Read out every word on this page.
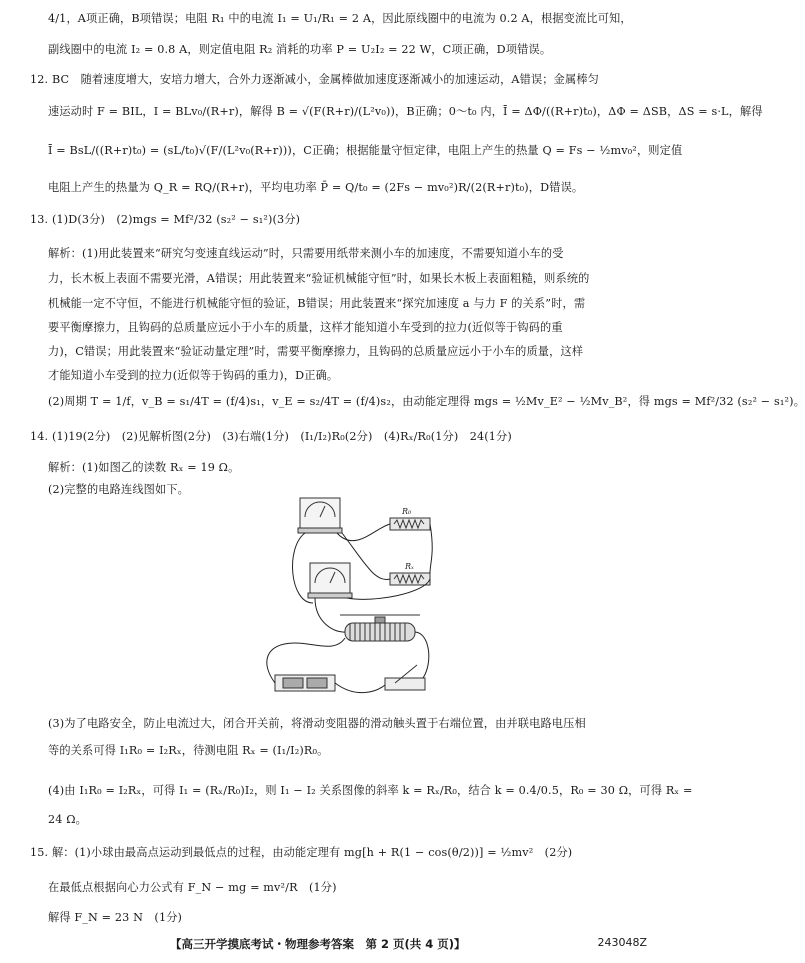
4/1，A项正确，B项错误；电阻 R₁ 中的电流 I₁ = U₁/R₁ = 2 A，因此原线圈中的电流为 0.2 A，根据变流比可知，
副线圈中的电流 I₂ = 0.8 A，则定值电阻 R₂ 消耗的功率 P = U₂I₂ = 22 W，C项正确，D项错误。
12. BC　随着速度增大，安培力增大，合外力逐渐减小，金属棒做加速度逐渐减小的加速运动，A错误；金属棒匀
速运动时 F = BIL，I = BLv₀/(R+r)，解得 B = √(F(R+r)/(L²v₀))，B正确；0～t₀ 内，Ī = ΔΦ/((R+r)t₀)，ΔΦ = ΔSB，ΔS = s·L，解得
Ī = BsL/((R+r)t₀) = (sL/t₀)√(F/(L²v₀(R+r)))，C正确；根据能量守恒定律，电阻上产生的热量 Q = Fs − ½mv₀²，则定值
电阻上产生的热量为 Q_R = RQ/(R+r)，平均电功率 P̄ = Q/t₀ = (2Fs − mv₀²)R/(2(R+r)t₀)，D错误。
13. (1)D(3分)　(2)mgs = Mf²/32 (s₂² − s₁²)(3分)
解析：(1)用此装置来“研究匀变速直线运动”时，只需要用纸带来测小车的加速度，不需要知道小车的受
力，长木板上表面不需要光滑，A错误；用此装置来“验证机械能守恒”时，如果长木板上表面粗糙，则系统的
机械能一定不守恒，不能进行机械能守恒的验证，B错误；用此装置来“探究加速度 a 与力 F 的关系”时，需
要平衡摩擦力，且钩码的总质量应远小于小车的质量，这样才能知道小车受到的拉力(近似等于钩码的重
力)，C错误；用此装置来“验证动量定理”时，需要平衡摩擦力，且钩码的总质量应远小于小车的质量，这样
才能知道小车受到的拉力(近似等于钩码的重力)，D正确。
(2)周期 T = 1/f，v_B = s₁/4T = (f/4)s₁，v_E = s₂/4T = (f/4)s₂，由动能定理得 mgs = ½Mv_E² − ½Mv_B²，得 mgs = Mf²/32 (s₂² − s₁²)。
14. (1)19(2分)　(2)见解析图(2分)　(3)右端(1分)　(I₁/I₂)R₀(2分)　(4)Rₓ/R₀(1分)　24(1分)
解析：(1)如图乙的读数 Rₓ = 19 Ω。
(2)完整的电路连线图如下。
R₀
Rₓ
(3)为了电路安全，防止电流过大，闭合开关前，将滑动变阻器的滑动触头置于右端位置，由并联电路电压相
等的关系可得 I₁R₀ = I₂Rₓ，待测电阻 Rₓ = (I₁/I₂)R₀。
(4)由 I₁R₀ = I₂Rₓ，可得 I₁ = (Rₓ/R₀)I₂，则 I₁ − I₂ 关系图像的斜率 k = Rₓ/R₀，结合 k = 0.4/0.5，R₀ = 30 Ω，可得 Rₓ =
24 Ω。
15. 解：(1)小球由最高点运动到最低点的过程，由动能定理有 mg[h + R(1 − cos(θ/2))] = ½mv²　(2分)
在最低点根据向心力公式有 F_N − mg = mv²/R　(1分)
解得 F_N = 23 N　(1分)
【高三开学摸底考试・物理参考答案　第 2 页(共 4 页)】	243048Z
